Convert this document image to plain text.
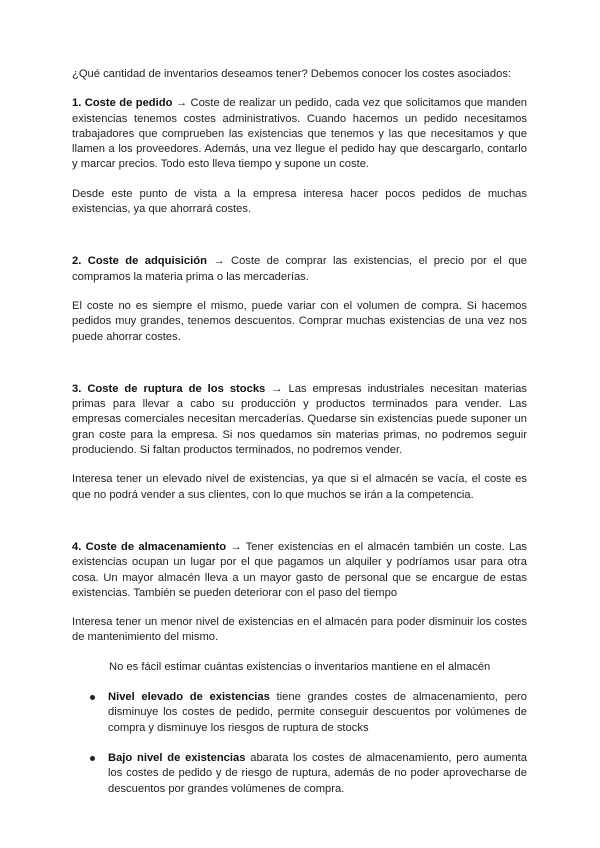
¿Qué cantidad de inventarios deseamos tener? Debemos conocer los costes asociados:

1. Coste de pedido → Coste de realizar un pedido, cada vez que solicitamos que manden existencias tenemos costes administrativos. Cuando hacemos un pedido necesitamos trabajadores que comprueben las existencias que tenemos y las que necesitamos y que llamen a los proveedores. Además, una vez llegue el pedido hay que descargarlo, contarlo y marcar precios. Todo esto lleva tiempo y supone un coste.

Desde este punto de vista a la empresa interesa hacer pocos pedidos de muchas existencias, ya que ahorrará costes.

2. Coste de adquisición → Coste de comprar las existencias, el precio por el que compramos la materia prima o las mercaderías.

El coste no es siempre el mismo, puede variar con el volumen de compra. Si hacemos pedidos muy grandes, tenemos descuentos. Comprar muchas existencias de una vez nos puede ahorrar costes.

3. Coste de ruptura de los stocks → Las empresas industriales necesitan materias primas para llevar a cabo su producción y productos terminados para vender. Las empresas comerciales necesitan mercaderías. Quedarse sin existencias puede suponer un gran coste para la empresa. Si nos quedamos sin materias primas, no podremos seguir produciendo. Si faltan productos terminados, no podremos vender.

Interesa tener un elevado nivel de existencias, ya que si el almacén se vacía, el coste es que no podrá vender a sus clientes, con lo que muchos se irán a la competencia.

4. Coste de almacenamiento → Tener existencias en el almacén también un coste. Las existencias ocupan un lugar por el que pagamos un alquiler y podríamos usar para otra cosa. Un mayor almacén lleva a un mayor gasto de personal que se encargue de estas existencias. También se pueden deteriorar con el paso del tiempo

Interesa tener un menor nivel de existencias en el almacén para poder disminuir los costes de mantenimiento del mismo.

No es fácil estimar cuántas existencias o inventarios mantiene en el almacén

Nivel elevado de existencias tiene grandes costes de almacenamiento, pero disminuye los costes de pedido, permite conseguir descuentos por volúmenes de compra y disminuye los riesgos de ruptura de stocks
Bajo nivel de existencias abarata los costes de almacenamiento, pero aumenta los costes de pedido y de riesgo de ruptura, además de no poder aprovecharse de descuentos por grandes volúmenes de compra.
